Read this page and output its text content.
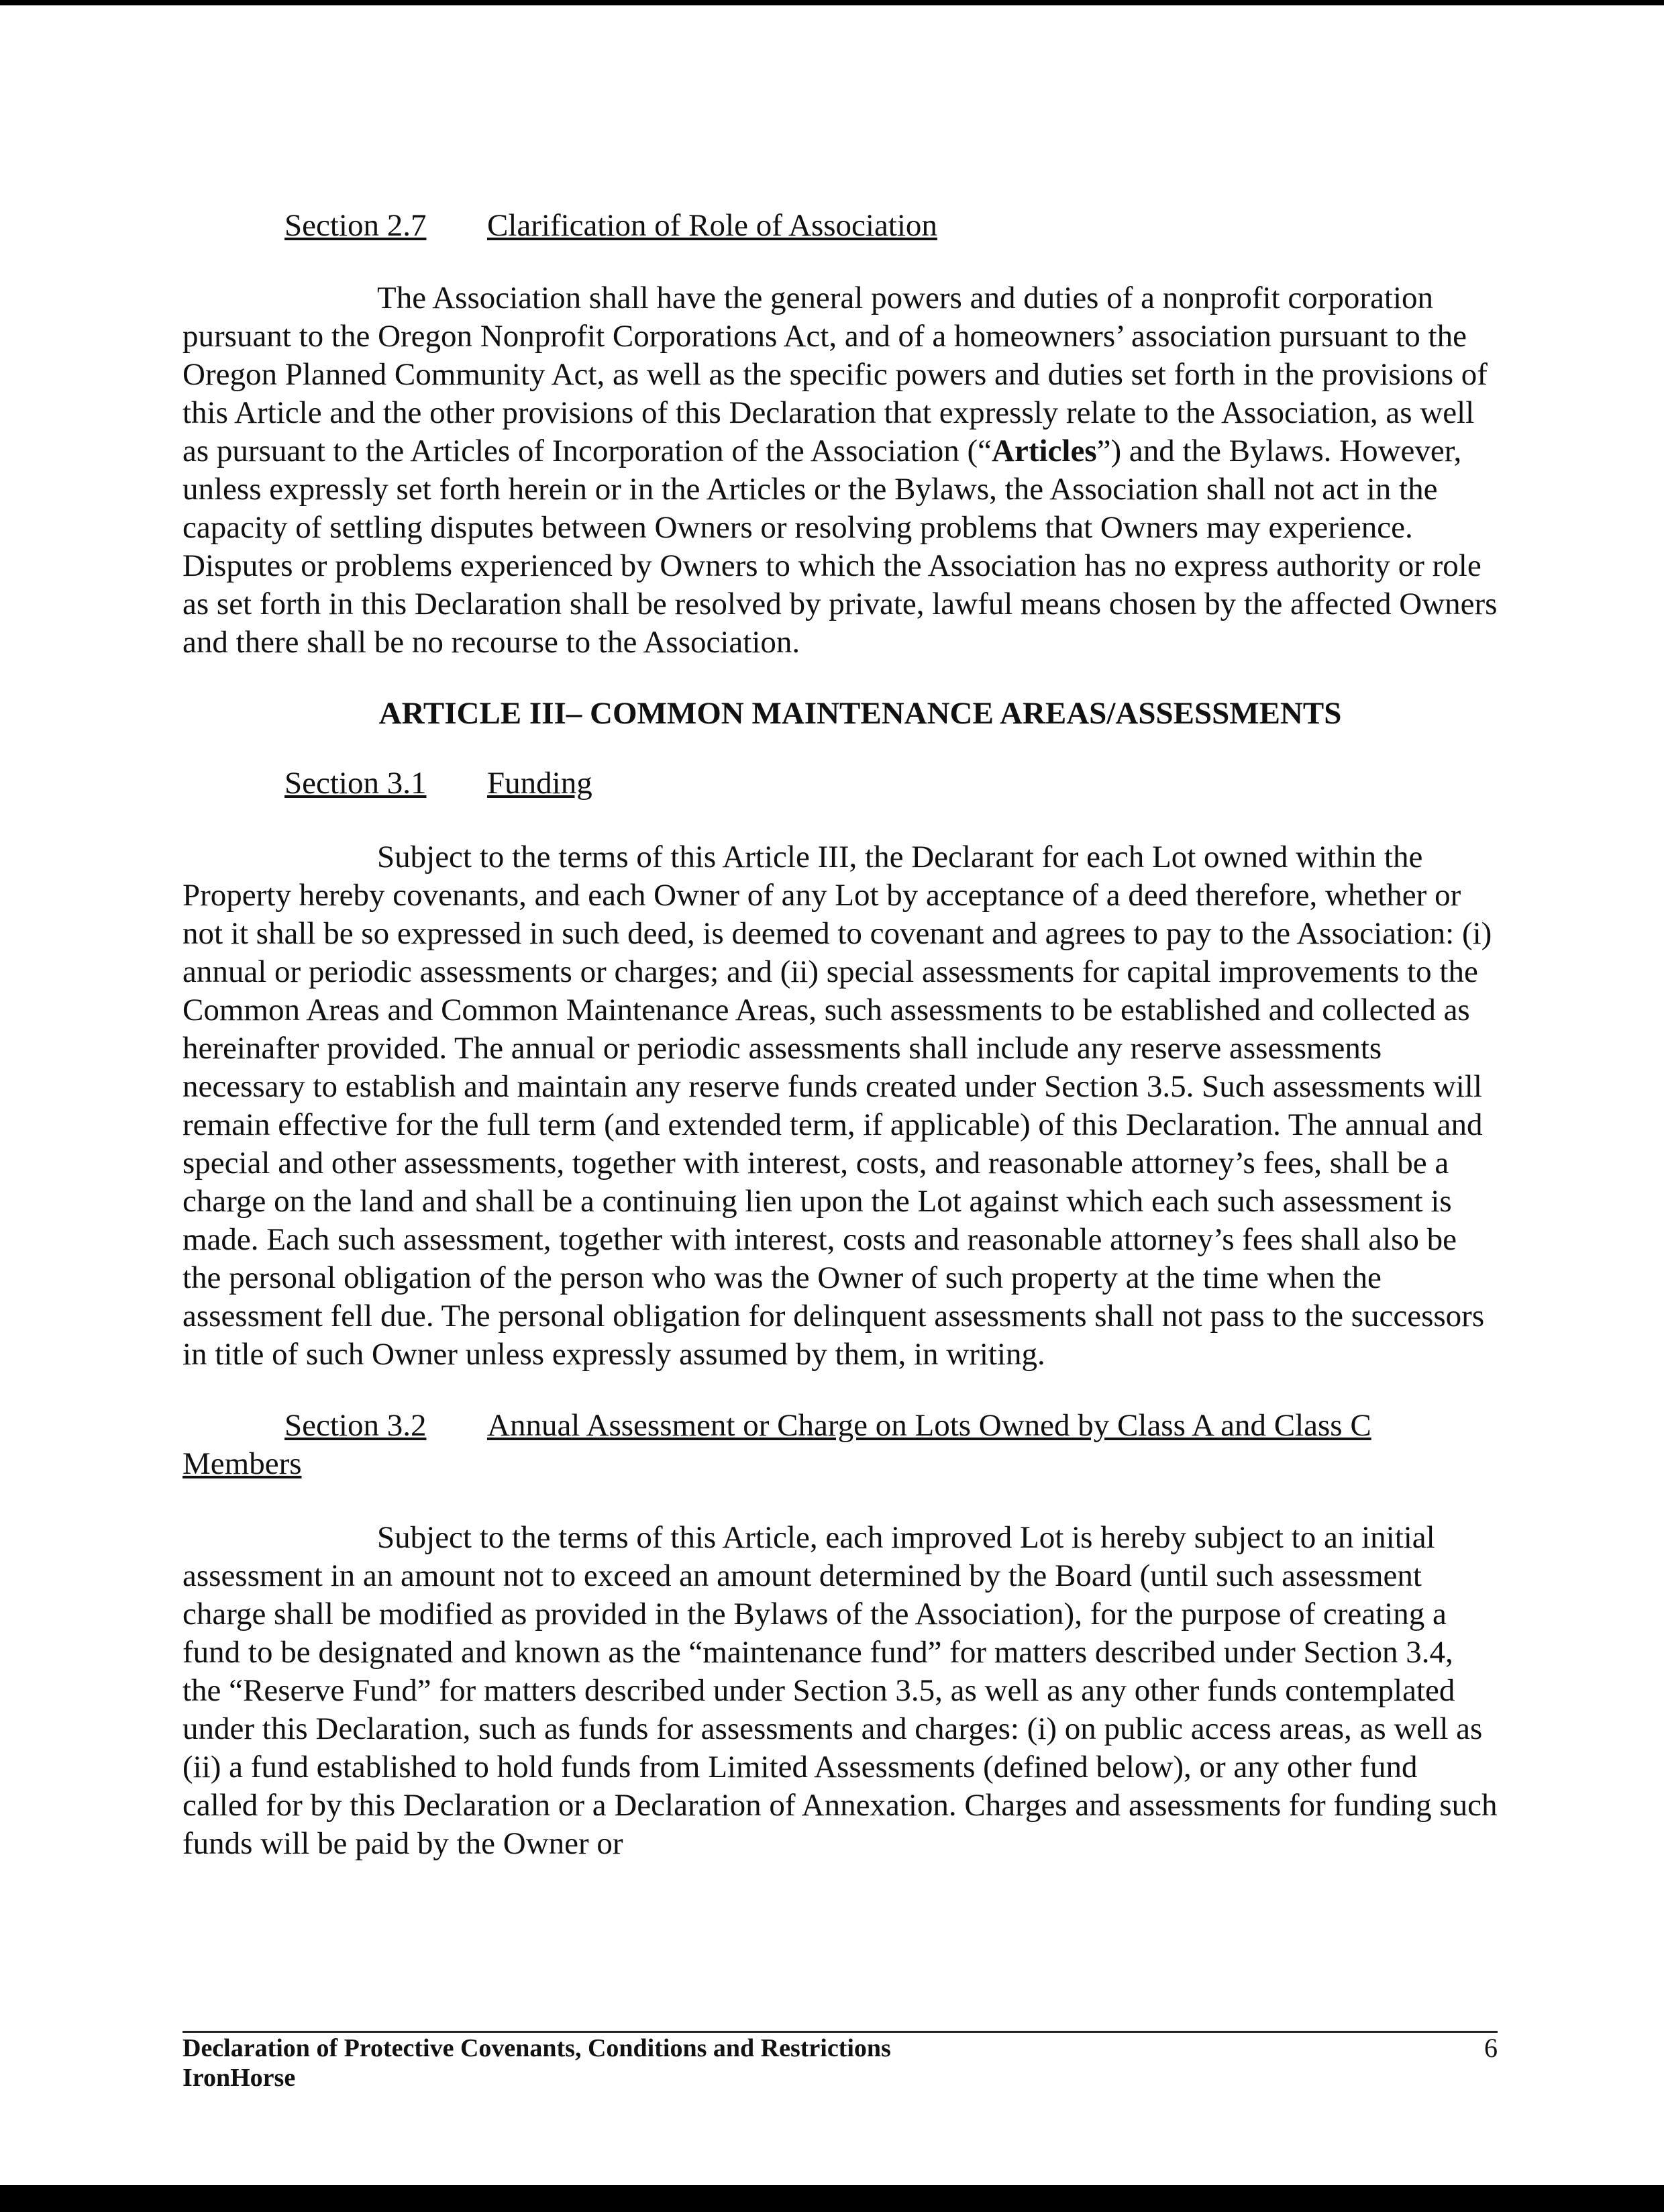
Section 2.7 Clarification of Role of Association

The Association shall have the general powers and duties of a nonprofit corporation pursuant to the Oregon Nonprofit Corporations Act, and of a homeowners’ association pursuant to the Oregon Planned Community Act, as well as the specific powers and duties set forth in the provisions of this Article and the other provisions of this Declaration that expressly relate to the Association, as well as pursuant to the Articles of Incorporation of the Association (“Articles”) and the Bylaws. However, unless expressly set forth herein or in the Articles or the Bylaws, the Association shall not act in the capacity of settling disputes between Owners or resolving problems that Owners may experience. Disputes or problems experienced by Owners to which the Association has no express authority or role as set forth in this Declaration shall be resolved by private, lawful means chosen by the affected Owners and there shall be no recourse to the Association.

ARTICLE III– COMMON MAINTENANCE AREAS/ASSESSMENTS

Section 3.1 Funding

Subject to the terms of this Article III, the Declarant for each Lot owned within the Property hereby covenants, and each Owner of any Lot by acceptance of a deed therefore, whether or not it shall be so expressed in such deed, is deemed to covenant and agrees to pay to the Association: (i) annual or periodic assessments or charges; and (ii) special assessments for capital improvements to the Common Areas and Common Maintenance Areas, such assessments to be established and collected as hereinafter provided. The annual or periodic assessments shall include any reserve assessments necessary to establish and maintain any reserve funds created under Section 3.5. Such assessments will remain effective for the full term (and extended term, if applicable) of this Declaration. The annual and special and other assessments, together with interest, costs, and reasonable attorney’s fees, shall be a charge on the land and shall be a continuing lien upon the Lot against which each such assessment is made. Each such assessment, together with interest, costs and reasonable attorney’s fees shall also be the personal obligation of the person who was the Owner of such property at the time when the assessment fell due. The personal obligation for delinquent assessments shall not pass to the successors in title of such Owner unless expressly assumed by them, in writing.

Section 3.2 Annual Assessment or Charge on Lots Owned by Class A and Class C Members

Subject to the terms of this Article, each improved Lot is hereby subject to an initial assessment in an amount not to exceed an amount determined by the Board (until such assessment charge shall be modified as provided in the Bylaws of the Association), for the purpose of creating a fund to be designated and known as the “maintenance fund” for matters described under Section 3.4, the “Reserve Fund” for matters described under Section 3.5, as well as any other funds contemplated under this Declaration, such as funds for assessments and charges: (i) on public access areas, as well as (ii) a fund established to hold funds from Limited Assessments (defined below), or any other fund called for by this Declaration or a Declaration of Annexation. Charges and assessments for funding such funds will be paid by the Owner or

Declaration of Protective Covenants, Conditions and Restrictions
IronHorse
6
